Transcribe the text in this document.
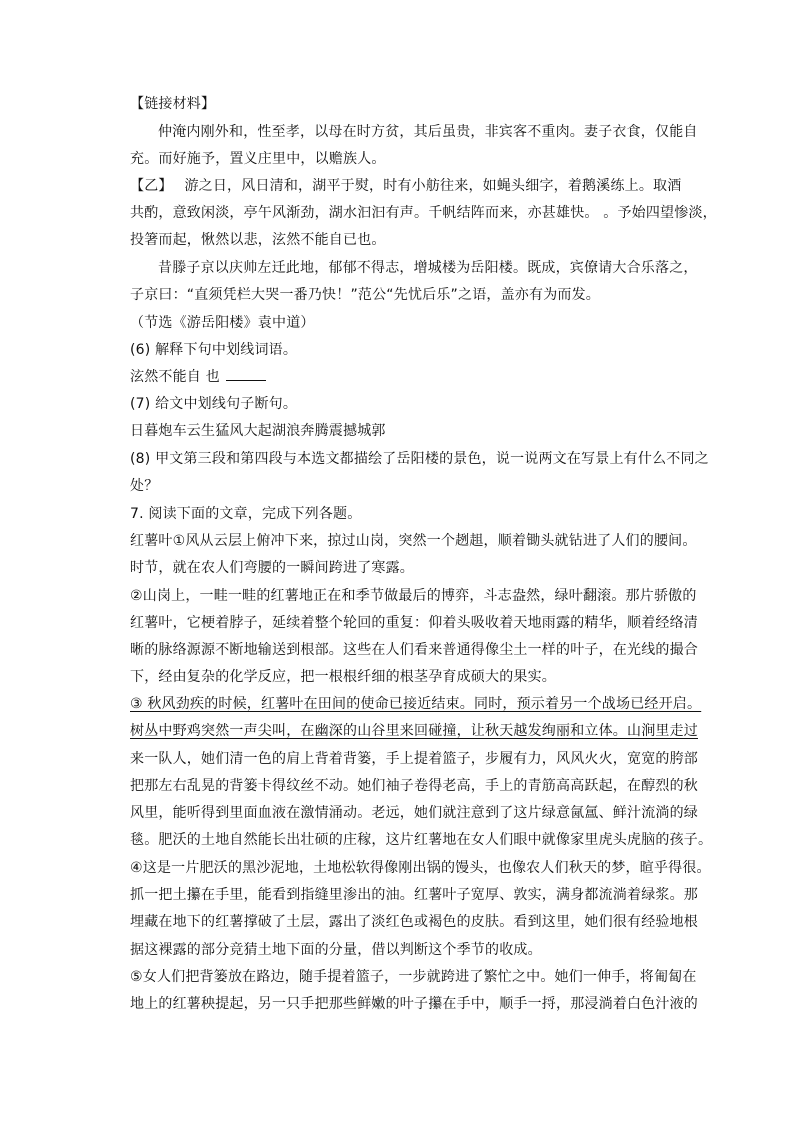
【链接材料】
仲淹内刚外和，性至孝，以母在时方贫，其后虽贵，非宾客不重肉。妻子衣食，仅能自
充。而好施予，置义庄里中，以赡族人。
【乙】　 游之日，风日清和，湖平于熨，时有小舫往来，如蝇头细字，着鹅溪练上。取酒
共酌，意致闲淡，亭午风渐劲，湖水汩汩有声。千帆结阵而来，亦甚雄快。 。予始四望惨淡，
投箸而起，愀然以悲，泫然不能自已也。
昔滕子京以庆帅左迁此地，郁郁不得志，增城楼为岳阳楼。既成，宾僚请大合乐落之，
子京曰：“直须凭栏大哭一番乃快！”范公“先忧后乐”之语，盖亦有为而发。
（节选《游岳阳楼》袁中道）
(6) 解释下句中划线词语。
泫然不能自 也
(7) 给文中划线句子断句。
日暮炮车云生猛风大起湖浪奔腾震撼城郭
(8) 甲文第三段和第四段与本选文都描绘了岳阳楼的景色，说一说两文在写景上有什么不同之
处？
7. 阅读下面的文章，完成下列各题。
红薯叶①风从云层上俯冲下来，掠过山岗，突然一个趔趄，顺着锄头就钻进了人们的腰间。
时节，就在农人们弯腰的一瞬间跨进了寒露。
②山岗上，一畦一畦的红薯地正在和季节做最后的博弈，斗志盎然，绿叶翻滚。那片骄傲的
红薯叶，它梗着脖子，延续着整个轮回的重复：仰着头吸收着天地雨露的精华，顺着经络清
晰的脉络源源不断地输送到根部。这些在人们看来普通得像尘土一样的叶子，在光线的撮合
下，经由复杂的化学反应，把一根根纤细的根茎孕育成硕大的果实。
③ 秋风劲疾的时候，红薯叶在田间的使命已接近结束。同时，预示着另一个战场已经开启。
树丛中野鸡突然一声尖叫，在幽深的山谷里来回碰撞，让秋天越发绚丽和立体。山涧里走过
来一队人，她们清一色的肩上背着背篓，手上提着篮子，步履有力，风风火火，宽宽的胯部
把那左右乱晃的背篓卡得纹丝不动。她们袖子卷得老高，手上的青筋高高跃起，在醇烈的秋
风里，能听得到里面血液在激情涌动。老远，她们就注意到了这片绿意氤氲、鲜汁流淌的绿
毯。肥沃的土地自然能长出壮硕的庄稼，这片红薯地在女人们眼中就像家里虎头虎脑的孩子。
④这是一片肥沃的黑沙泥地，土地松软得像刚出锅的馒头，也像农人们秋天的梦，暄乎得很。
抓一把土攥在手里，能看到指缝里渗出的油。红薯叶子宽厚、敦实，满身都流淌着绿浆。那
埋藏在地下的红薯撑破了土层，露出了淡红色或褐色的皮肤。看到这里，她们很有经验地根
据这裸露的部分竞猜土地下面的分量，借以判断这个季节的收成。
⑤女人们把背篓放在路边，随手提着篮子，一步就跨进了繁忙之中。她们一伸手，将匍匐在
地上的红薯秧提起，另一只手把那些鲜嫩的叶子攥在手中，顺手一捋，那浸淌着白色汁液的
